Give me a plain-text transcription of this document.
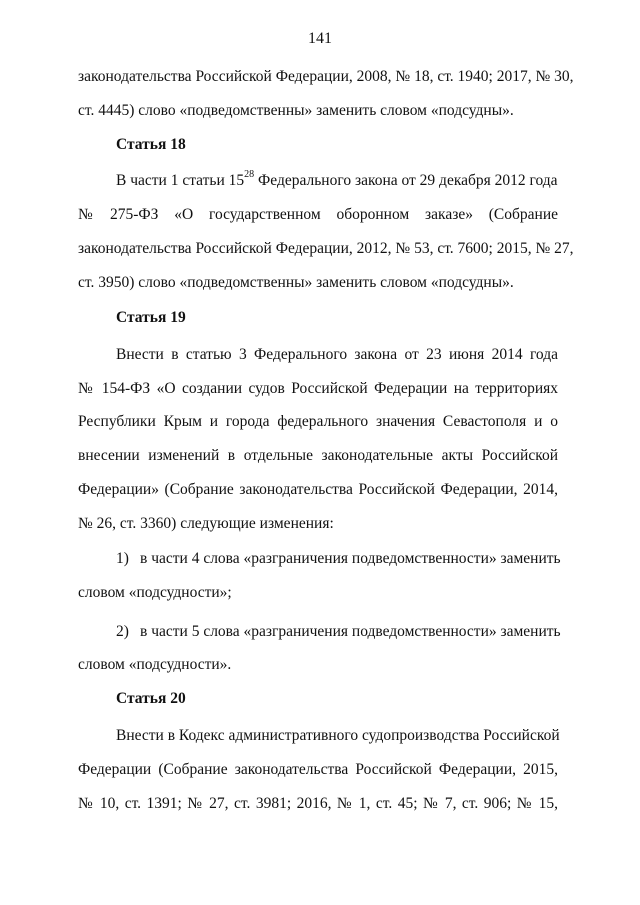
141
законодательства Российской Федерации, 2008, № 18, ст. 1940; 2017, № 30,
ст. 4445) слово «подведомственны» заменить словом «подсудны».
Статья 18
В части 1 статьи $15^{28}$ Федерального закона от 29 декабря 2012 года
№   275-ФЗ   «О   государственном   оборонном   заказе»   (Собрание
законодательства Российской Федерации, 2012, № 53, ст. 7600; 2015, № 27,
ст. 3950) слово «подведомственны» заменить словом «подсудны».
Статья 19
Внести в статью 3 Федерального закона от 23 июня 2014 года
№ 154-ФЗ «О создании судов Российской Федерации на территориях
Республики Крым и города федерального значения Севастополя и о
внесении изменений в отдельные законодательные акты Российской
Федерации» (Собрание законодательства Российской Федерации, 2014,
№ 26, ст. 3360) следующие изменения:
1) в части 4 слова «разграничения подведомственности» заменить
словом «подсудности»;
2) в части 5 слова «разграничения подведомственности» заменить
словом «подсудности».
Статья 20
Внести в Кодекс административного судопроизводства Российской
Федерации (Собрание законодательства Российской Федерации, 2015,
№ 10, ст. 1391; № 27, ст. 3981; 2016, № 1, ст. 45; № 7, ст. 906; № 15,
